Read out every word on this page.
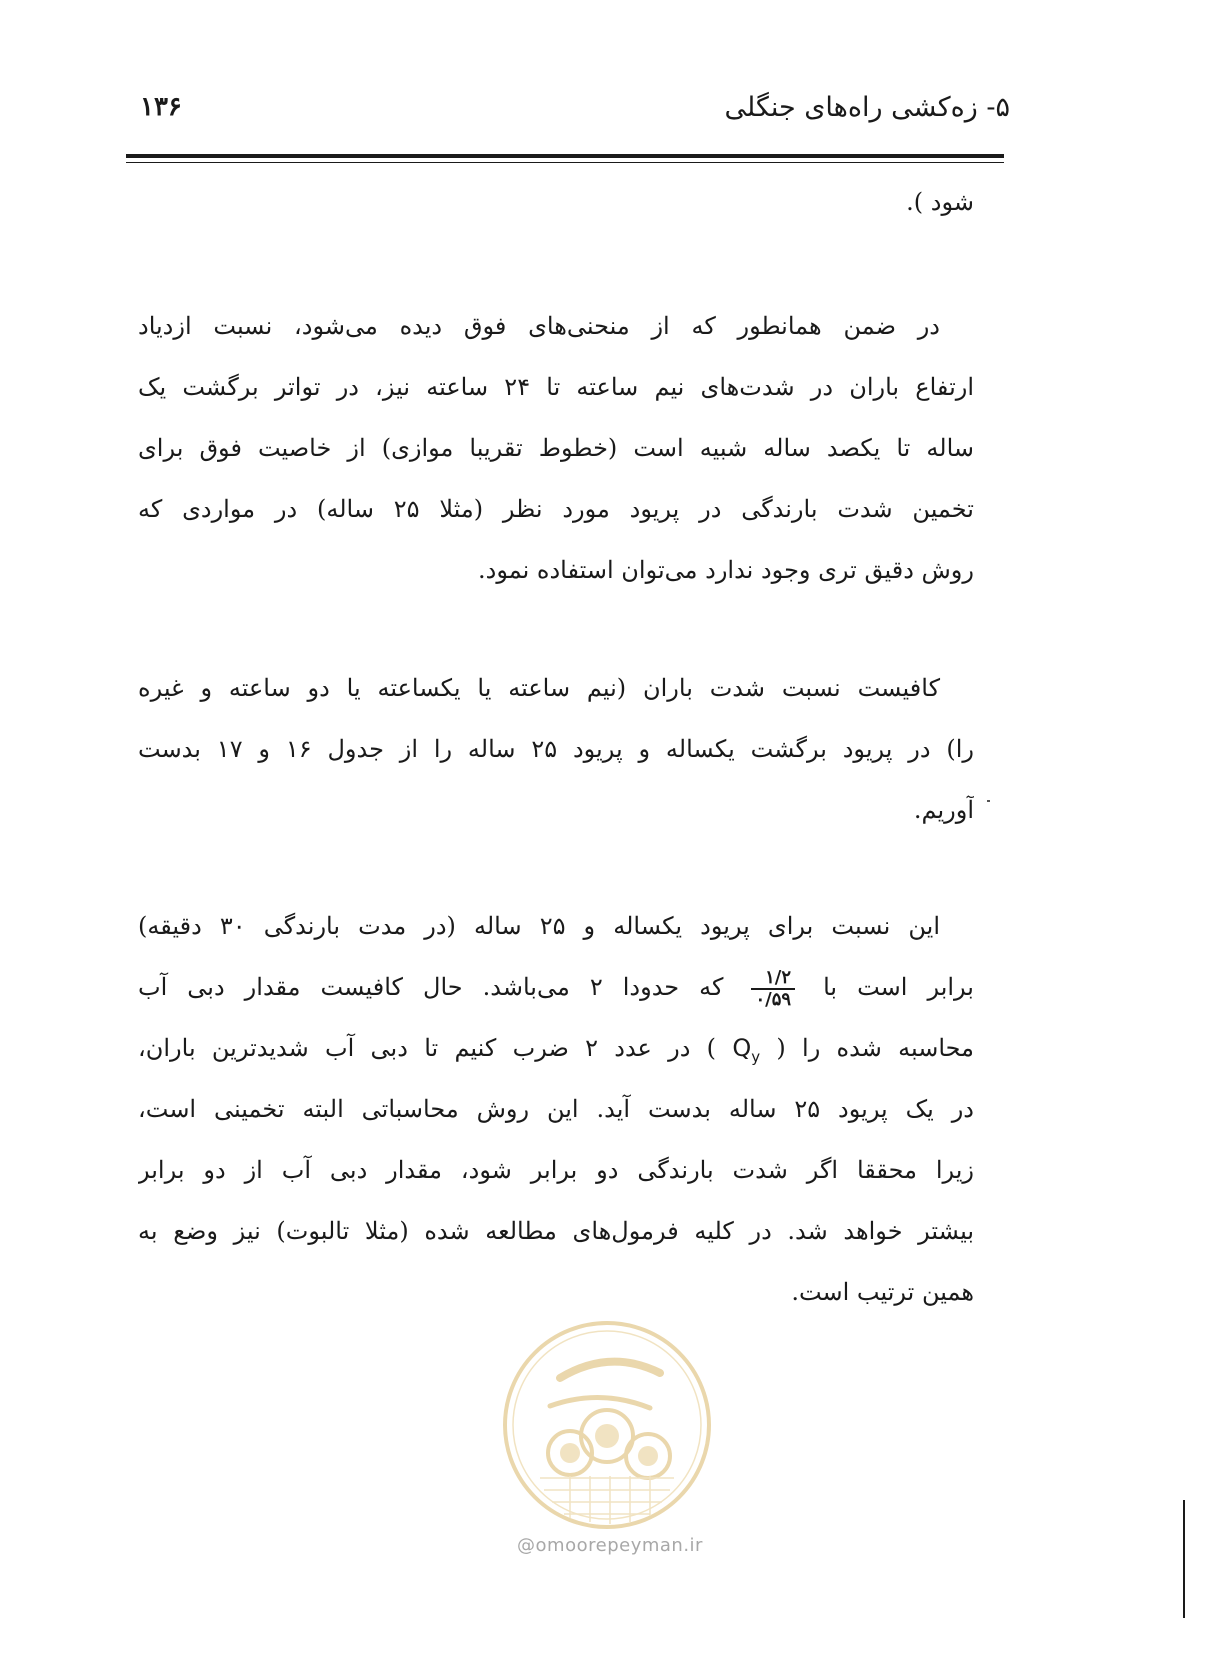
۱۳۶	۵- زه‌کشی راه‌های جنگلی
شود ).
در ضمن همانطور که از منحنی‌های فوق دیده می‌شود، نسبت ازدیاد
ارتفاع باران در شدت‌های نیم ساعته تا ۲۴ ساعته نیز، در تواتر برگشت یک
ساله تا یکصد ساله شبیه است (خطوط تقریبا موازی) از خاصیت فوق برای
تخمین شدت بارندگی در پریود مورد نظر (مثلا ۲۵ ساله) در مواردی که
روش دقیق تری وجود ندارد می‌توان استفاده نمود.
کافیست نسبت شدت باران (نیم ساعته یا یکساعته یا دو ساعته و غیره
را) در پریود برگشت یکساله و پریود ۲۵ ساله را از جدول ۱۶ و ۱۷ بدست
آوریم.
این نسبت برای پریود یکساله و ۲۵ ساله (در مدت بارندگی ۳۰ دقیقه)
برابر است با
$\frac{۱/۲}{۰/۵۹}$
که حدودا ۲ می‌باشد. حال کافیست مقدار دبی آب
محاسبه شده را ( $Q_y$ ) در عدد ۲ ضرب کنیم تا دبی آب شدیدترین باران،
در یک پریود ۲۵ ساله بدست آید. این روش محاسباتی البته تخمینی است،
زیرا محققا اگر شدت بارندگی دو برابر شود، مقدار دبی آب از دو برابر
بیشتر خواهد شد. در کلیه فرمول‌های مطالعه شده (مثلا تالبوت) نیز وضع به
همین ترتیب است.
@omoorepeyman.ir
